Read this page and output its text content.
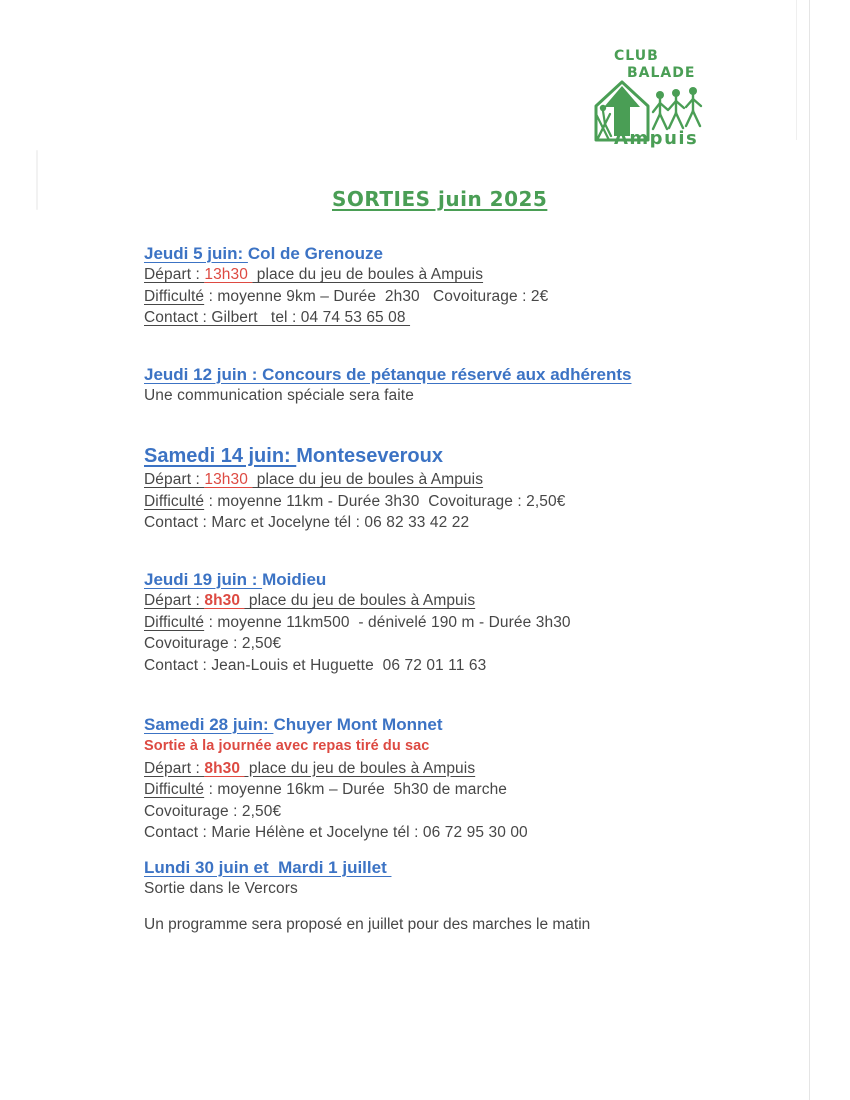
CLUB
BALADE
Ampuis
SORTIES juin 2025
Jeudi 5 juin: Col de Grenouze
Départ : 13h30  place du jeu de boules à Ampuis
Difficulté : moyenne 9km – Durée  2h30   Covoiturage : 2€
Contact : Gilbert   tel : 04 74 53 65 08
Jeudi 12 juin : Concours de pétanque réservé aux adhérents
Une communication spéciale sera faite
Samedi 14 juin: Monteseveroux
Départ : 13h30  place du jeu de boules à Ampuis
Difficulté : moyenne 11km - Durée 3h30  Covoiturage : 2,50€
Contact : Marc et Jocelyne tél : 06 82 33 42 22
Jeudi 19 juin : Moidieu
Départ : 8h30  place du jeu de boules à Ampuis
Difficulté : moyenne 11km500  - dénivelé 190 m - Durée 3h30
Covoiturage : 2,50€
Contact : Jean-Louis et Huguette  06 72 01 11 63
Samedi 28 juin: Chuyer Mont Monnet
Sortie à la journée avec repas tiré du sac
Départ : 8h30  place du jeu de boules à Ampuis
Difficulté : moyenne 16km – Durée  5h30 de marche
Covoiturage : 2,50€
Contact : Marie Hélène et Jocelyne tél : 06 72 95 30 00
Lundi 30 juin et  Mardi 1 juillet
Sortie dans le Vercors
Un programme sera proposé en juillet pour des marches le matin
